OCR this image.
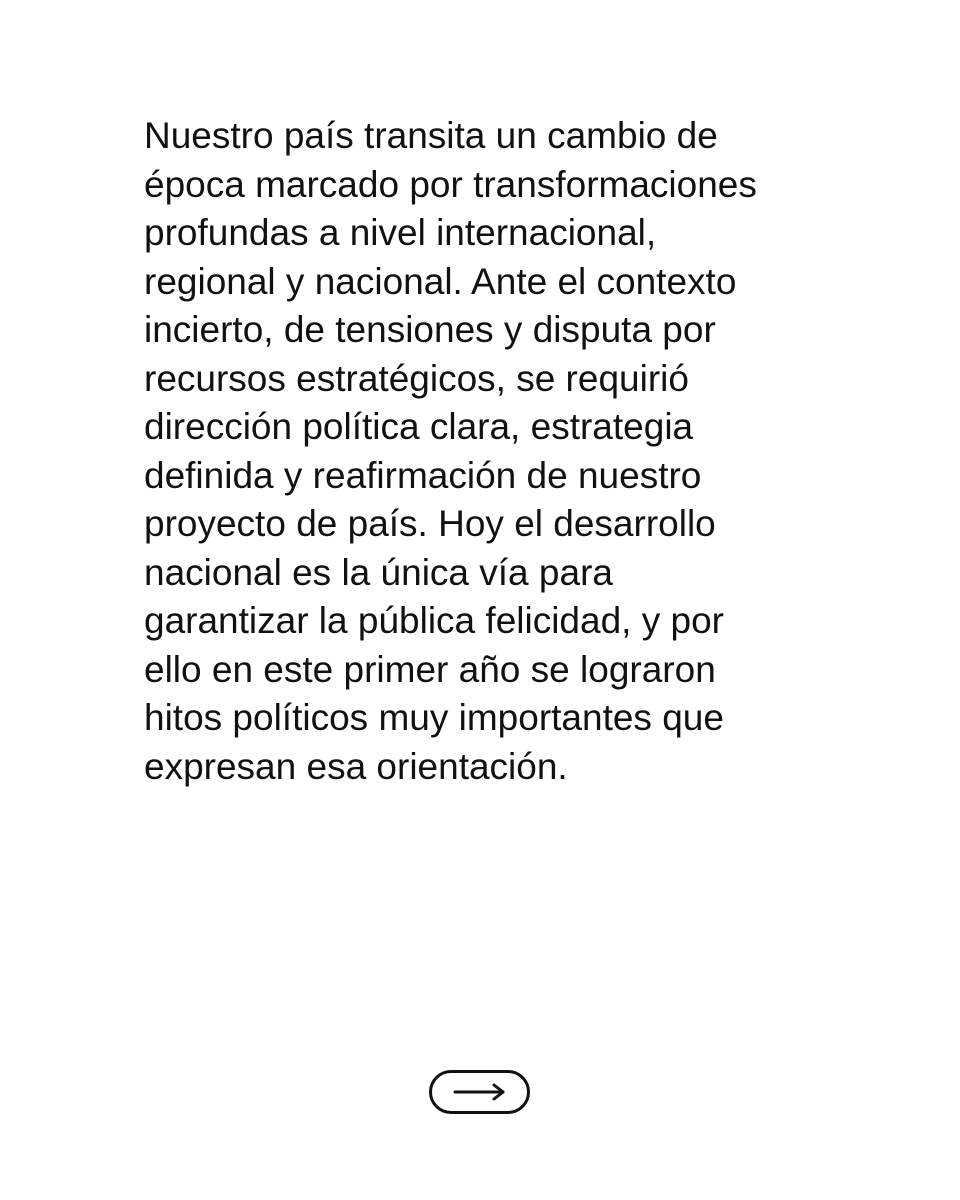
Nuestro país transita un cambio de
época marcado por transformaciones
profundas a nivel internacional,
regional y nacional. Ante el contexto
incierto, de tensiones y disputa por
recursos estratégicos, se requirió
dirección política clara, estrategia
definida y reafirmación de nuestro
proyecto de país. Hoy el desarrollo
nacional es la única vía para
garantizar la pública felicidad, y por
ello en este primer año se lograron
hitos políticos muy importantes que
expresan esa orientación.
